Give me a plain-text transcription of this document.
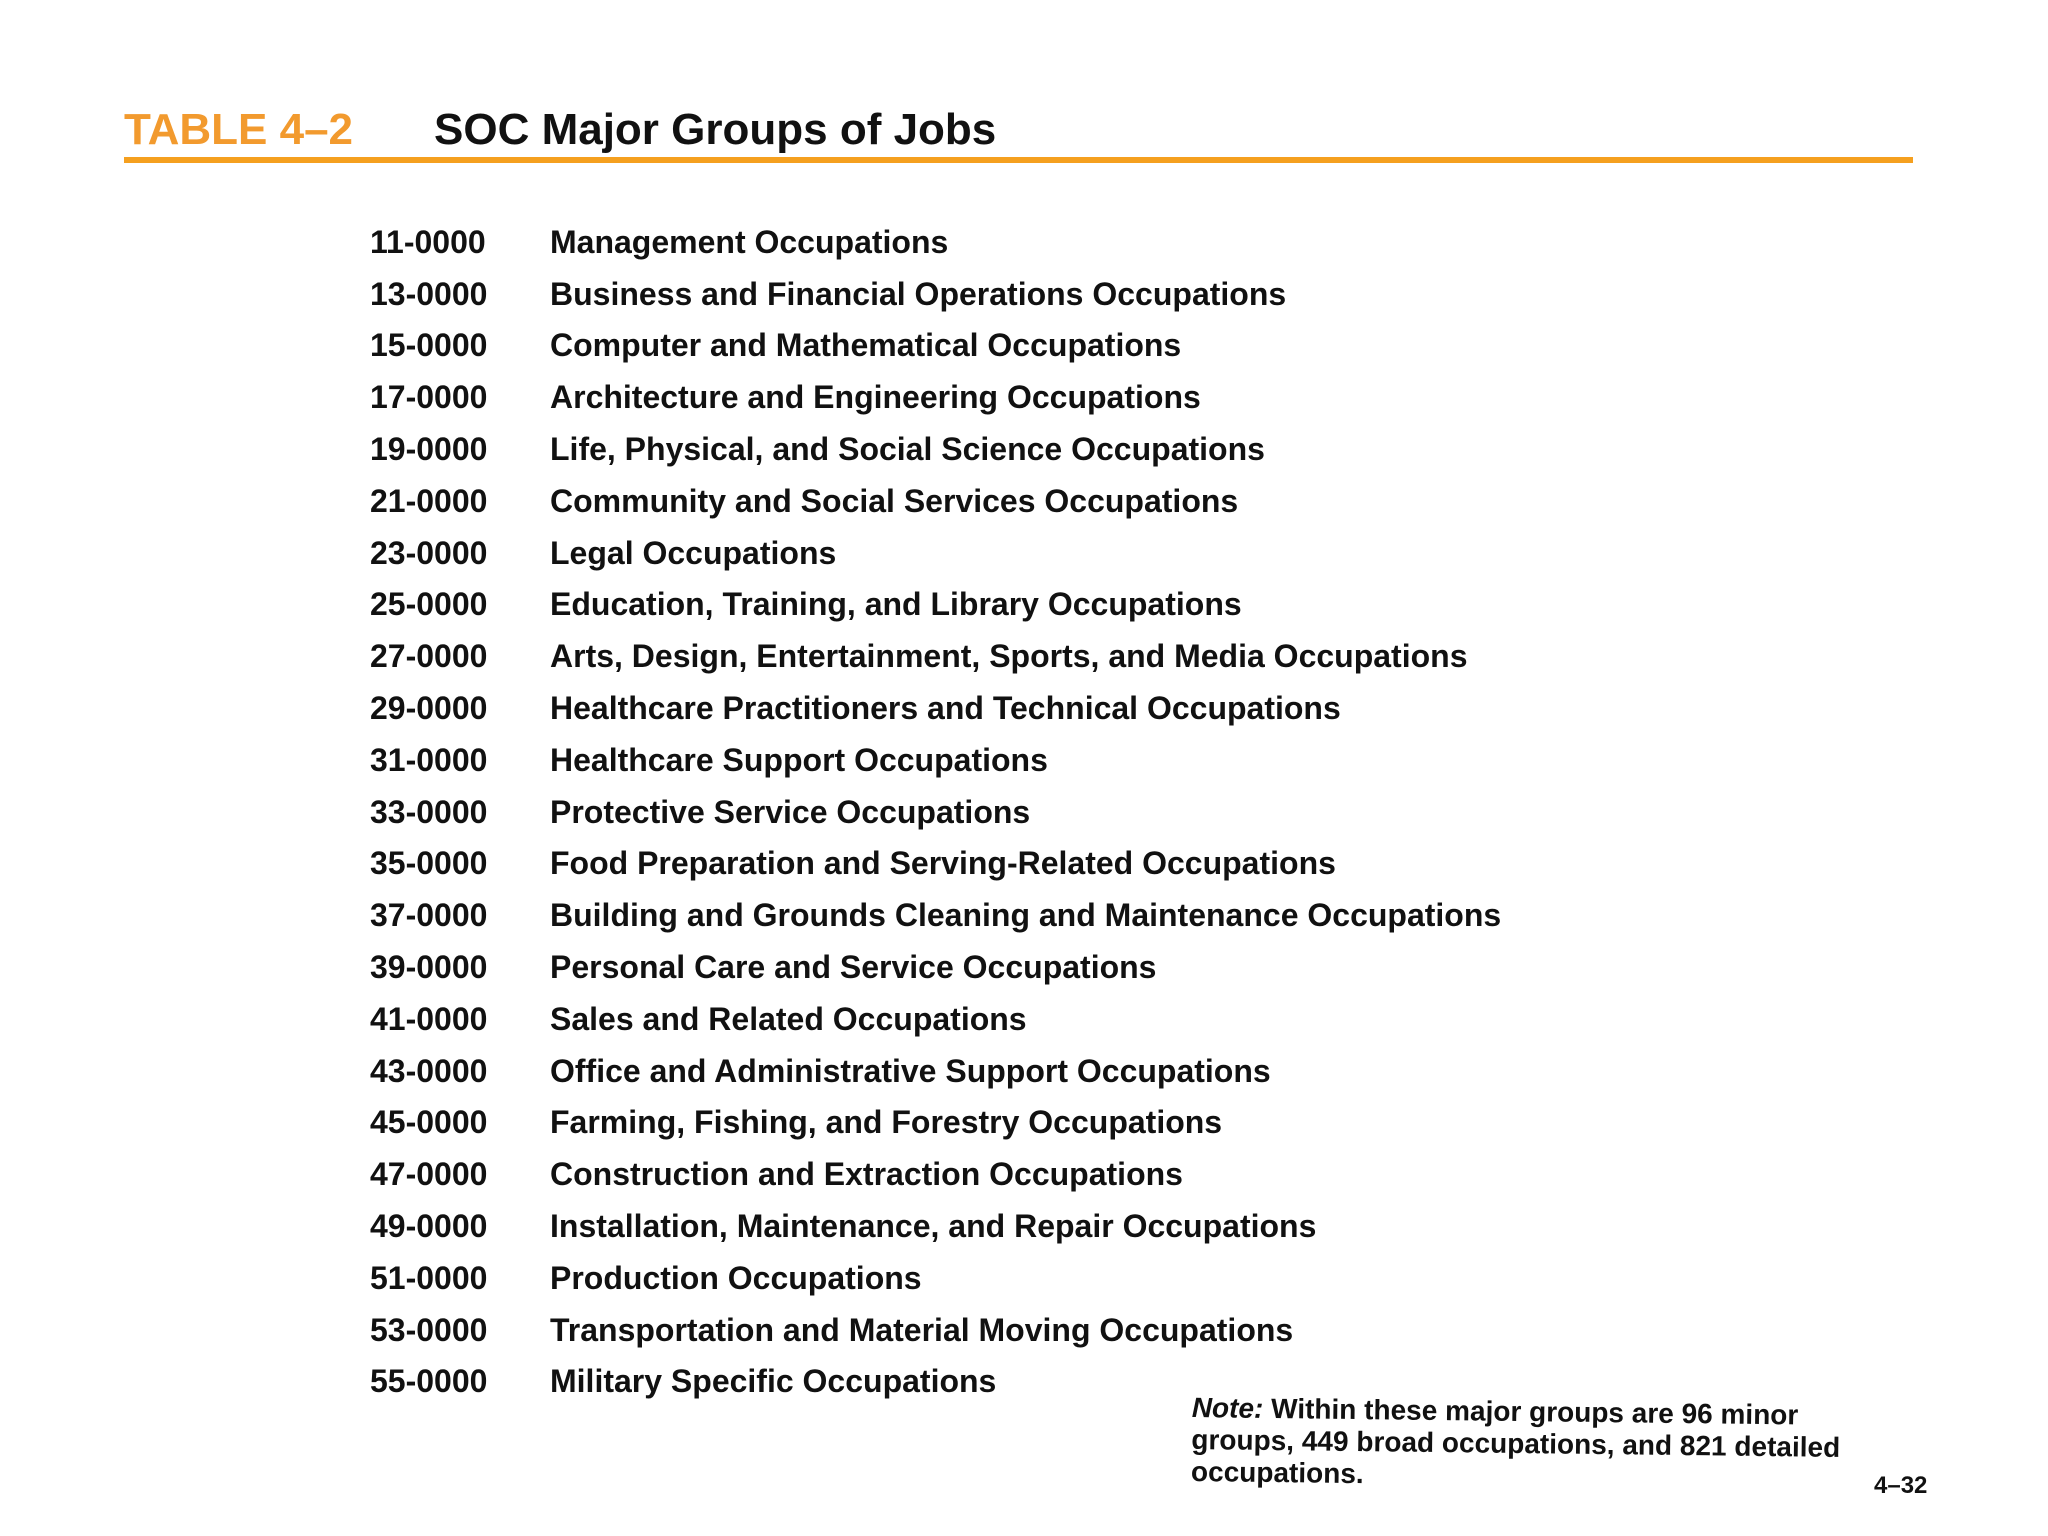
TABLE 4–2 SOC Major Groups of Jobs
11-0000	Management Occupations
13-0000	Business and Financial Operations Occupations
15-0000	Computer and Mathematical Occupations
17-0000	Architecture and Engineering Occupations
19-0000	Life, Physical, and Social Science Occupations
21-0000	Community and Social Services Occupations
23-0000	Legal Occupations
25-0000	Education, Training, and Library Occupations
27-0000	Arts, Design, Entertainment, Sports, and Media Occupations
29-0000	Healthcare Practitioners and Technical Occupations
31-0000	Healthcare Support Occupations
33-0000	Protective Service Occupations
35-0000	Food Preparation and Serving-Related Occupations
37-0000	Building and Grounds Cleaning and Maintenance Occupations
39-0000	Personal Care and Service Occupations
41-0000	Sales and Related Occupations
43-0000	Office and Administrative Support Occupations
45-0000	Farming, Fishing, and Forestry Occupations
47-0000	Construction and Extraction Occupations
49-0000	Installation, Maintenance, and Repair Occupations
51-0000	Production Occupations
53-0000	Transportation and Material Moving Occupations
55-0000	Military Specific Occupations
Note: Within these major groups are 96 minor groups, 449 broad occupations, and 821 detailed occupations.	4–32
